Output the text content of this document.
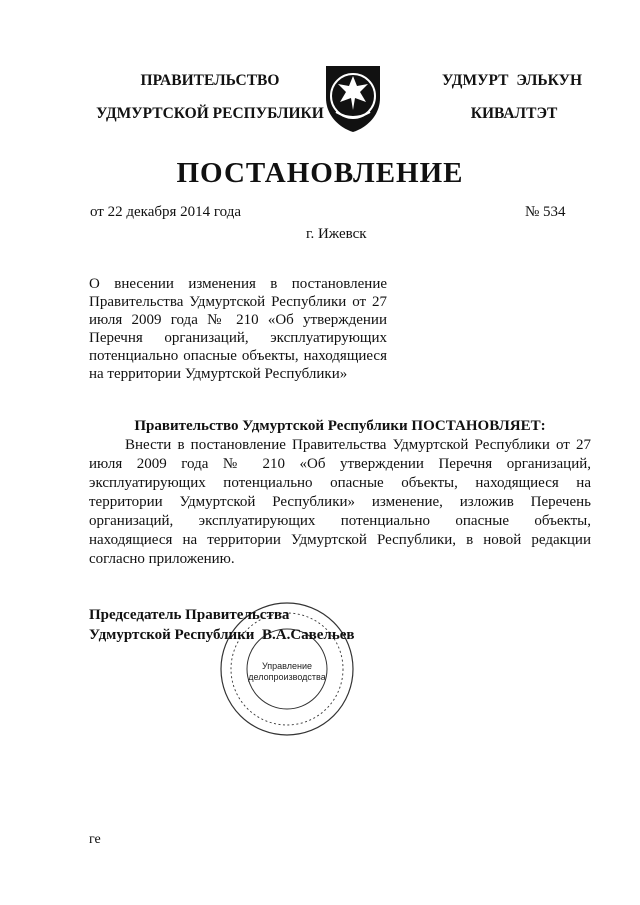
ПРАВИТЕЛЬСТВО
УДМУРТСКОЙ РЕСПУБЛИКИ
УДМУРТ ЭЛЬКУН
КИВАЛТЭТ
ПОСТАНОВЛЕНИЕ
от 22 декабря 2014 года	№ 534
г. Ижевск
О внесении изменения в постановление Правительства Удмуртской Республики от 27 июля 2009 года № 210 «Об утверждении Перечня организаций, эксплуатирующих потенциально опасные объекты, находящиеся на территории Удмуртской Республики»
Правительство Удмуртской Республики ПОСТАНОВЛЯЕТ:
Внести в постановление Правительства Удмуртской Республики от 27 июля 2009 года № 210 «Об утверждении Перечня организаций, эксплуатирующих потенциально опасные объекты, находящиеся на территории Удмуртской Республики» изменение, изложив Перечень организаций, эксплуатирующих потенциально опасные объекты, находящиеся на территории Удмуртской Республики, в новой редакции согласно приложению.
Управление делопроизводства
Председатель Правительства
Удмуртской Республики В.А.Савельев
ге
